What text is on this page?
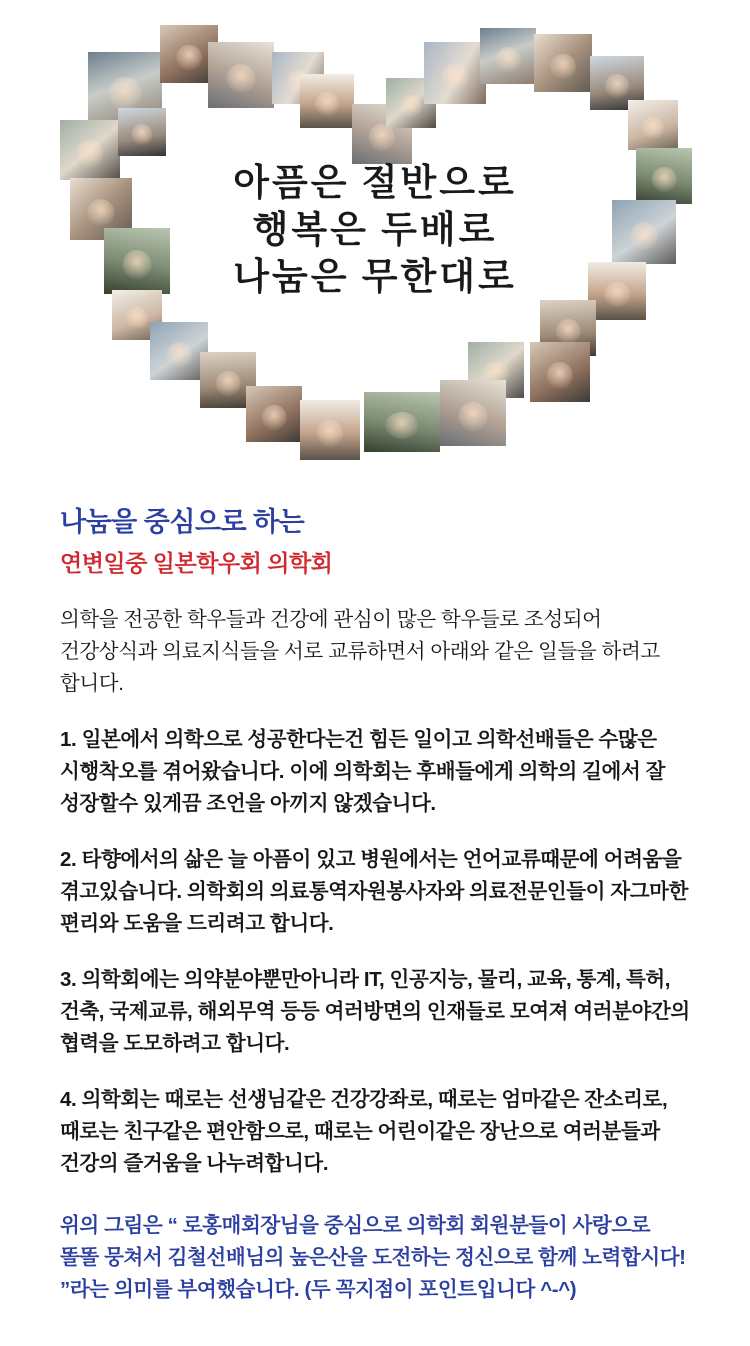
아픔은 절반으로
행복은 두배로
나눔은 무한대로
나눔을 중심으로 하는
연변일중 일본학우회 의학회

의학을 전공한 학우들과 건강에 관심이 많은 학우들로 조성되어 건강상식과 의료지식들을 서로 교류하면서 아래와 같은 일들을 하려고 합니다.

1. 일본에서 의학으로 성공한다는건 힘든 일이고 의학선배들은 수많은 시행착오를 겪어왔습니다. 이에 의학회는 후배들에게 의학의 길에서 잘 성장할수 있게끔 조언을 아끼지 않겠습니다.

2. 타향에서의 삶은 늘 아픔이 있고 병원에서는 언어교류때문에 어려움을 겪고있습니다. 의학회의 의료통역자원봉사자와 의료전문인들이 자그마한 편리와 도움을 드리려고 합니다.

3. 의학회에는 의약분야뿐만아니라 IT, 인공지능, 물리, 교육, 통계, 특허, 건축, 국제교류, 해외무역 등등 여러방면의 인재들로 모여져 여러분야간의 협력을 도모하려고 합니다.

4. 의학회는 때로는 선생님같은 건강강좌로, 때로는 엄마같은 잔소리로, 때로는 친구같은 편안함으로, 때로는 어린이같은 장난으로 여러분들과 건강의 즐거움을 나누려합니다.

위의 그림은 “ 로홍매회장님을 중심으로 의학회 회원분들이 사랑으로 똘똘 뭉쳐서 김철선배님의 높은산을 도전하는 정신으로 함께 노력합시다! ”라는 의미를 부여했습니다. (두 꼭지점이 포인트입니다 ^-^)
